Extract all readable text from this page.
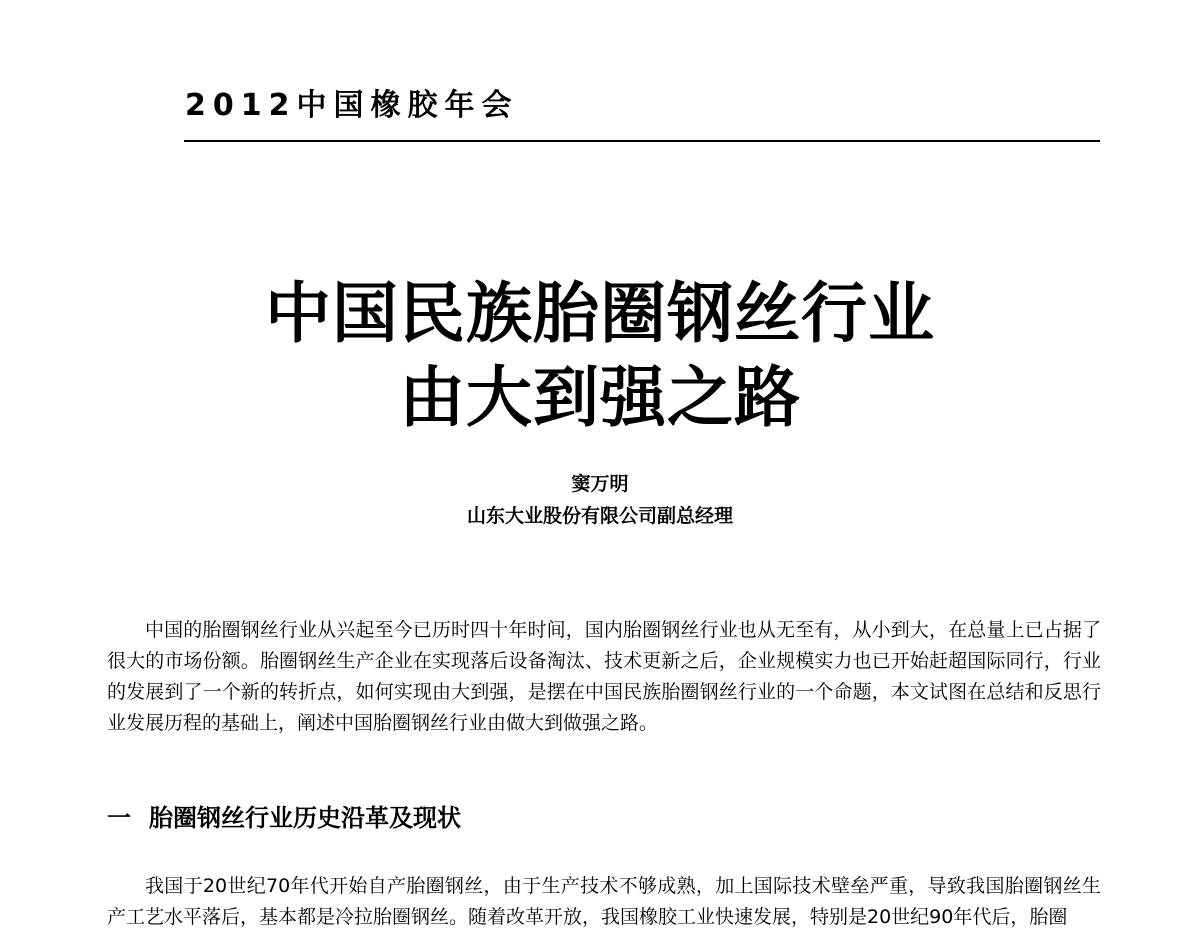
2012中国橡胶年会
中国民族胎圈钢丝行业
由大到强之路
窦万明
山东大业股份有限公司副总经理

中国的胎圈钢丝行业从兴起至今已历时四十年时间，国内胎圈钢丝行业也从无至有，从小到大，在总量上已占据了很大的市场份额。胎圈钢丝生产企业在实现落后设备淘汰、技术更新之后，企业规模实力也已开始赶超国际同行，行业的发展到了一个新的转折点，如何实现由大到强，是摆在中国民族胎圈钢丝行业的一个命题，本文试图在总结和反思行业发展历程的基础上，阐述中国胎圈钢丝行业由做大到做强之路。

一 胎圈钢丝行业历史沿革及现状

我国于20世纪70年代开始自产胎圈钢丝，由于生产技术不够成熟，加上国际技术壁垒严重，导致我国胎圈钢丝生产工艺水平落后，基本都是冷拉胎圈钢丝。随着改革开放，我国橡胶工业快速发展，特别是20世纪90年代后，胎圈
